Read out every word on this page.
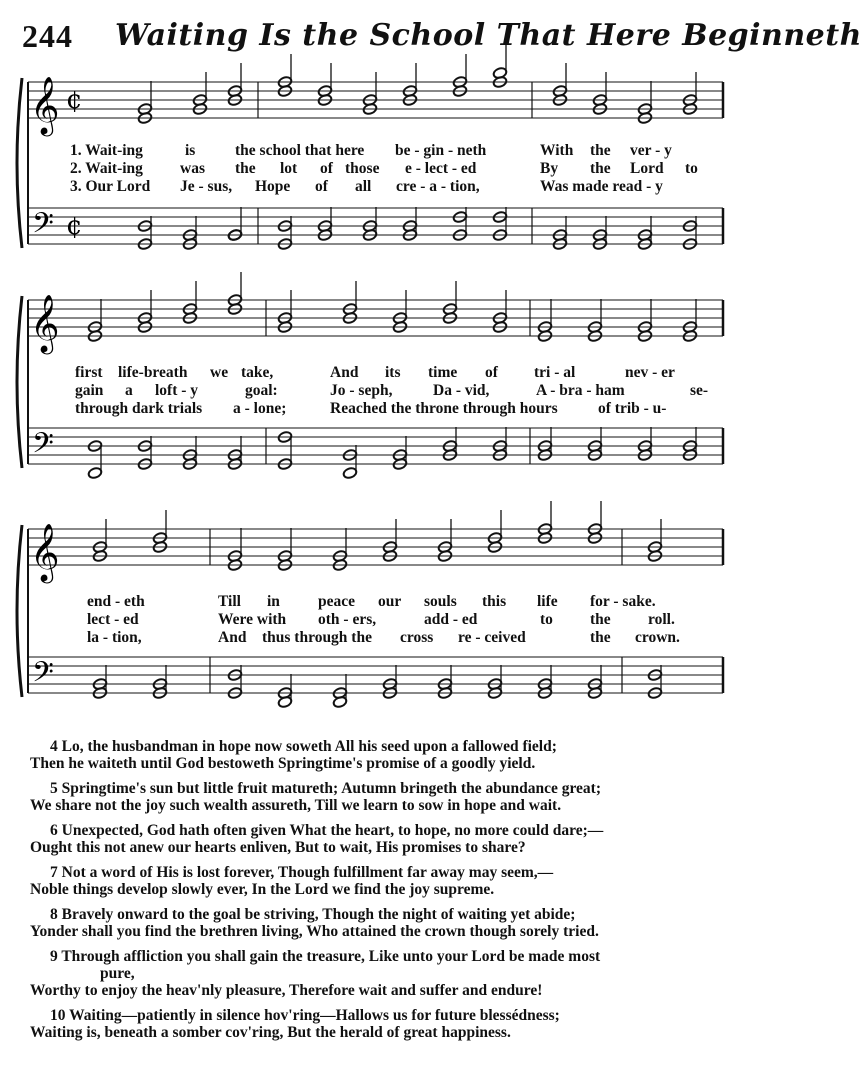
244 Waiting Is the School That Here Beginneth
𝄞
𝄢
¢
¢
1. Wait-ing	is	the school that here be - gin - neth	With the ver - y
2. Wait-ing was the lot of those e - lect - ed	By the Lord to
3. Our Lord Je - sus, Hope of all cre - a - tion,	Was made read - y
𝄞
𝄢
first life-breath we take,	And its time of tri - al	nev - er
gain a loft - y	goal:	Jo - seph,	Da - vid,	A - bra - ham	se-
through dark trials a - lone;	Reached the throne through hours	of trib - u-
𝄞
𝄢
end - eth	Till in peace our souls this life for - sake.
lect - ed	Were with oth - ers,	add - ed	to the roll.
la - tion,	And thus through the cross re - ceived	the crown.
4 Lo, the husbandman in hope now soweth All his seed upon a fallowed field;
Then he waiteth until God bestoweth Springtime's promise of a goodly yield.
5 Springtime's sun but little fruit matureth; Autumn bringeth the abundance great;
We share not the joy such wealth assureth, Till we learn to sow in hope and wait.
6 Unexpected, God hath often given What the heart, to hope, no more could dare;—
Ought this not anew our hearts enliven, But to wait, His promises to share?
7 Not a word of His is lost forever, Though fulfillment far away may seem,—
Noble things develop slowly ever, In the Lord we find the joy supreme.
8 Bravely onward to the goal be striving, Though the night of waiting yet abide;
Yonder shall you find the brethren living, Who attained the crown though sorely tried.
9 Through affliction you shall gain the treasure, Like unto your Lord be made most
pure,
Worthy to enjoy the heav'nly pleasure, Therefore wait and suffer and endure!
10 Waiting—patiently in silence hov'ring—Hallows us for future blessédness;
Waiting is, beneath a somber cov'ring, But the herald of great happiness.
